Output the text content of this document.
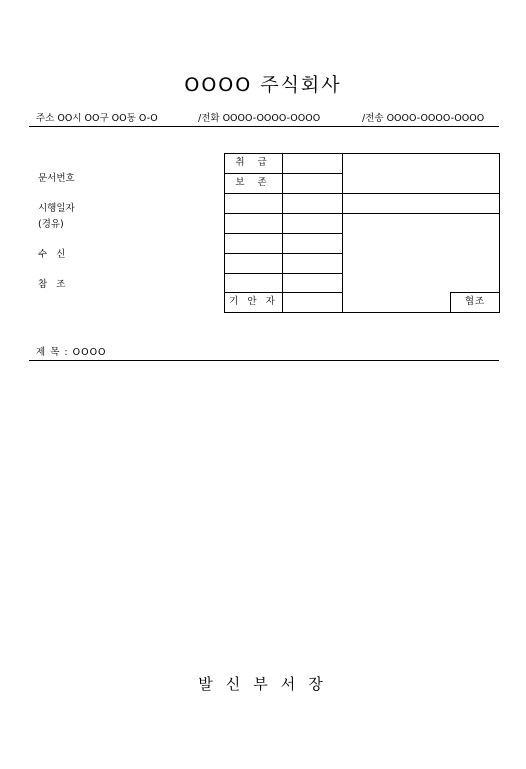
OOOO 주식회사
주소 OO시 OO구 OO동 O-O	/전화 OOOO-OOOO-OOOO	/전송 OOOO-OOOO-OOOO
문서번호
시행일자
(경유)
수 신
참 조
취 급
보 존
기 안 자	협조
제 목 : OOOO
발신부서장
